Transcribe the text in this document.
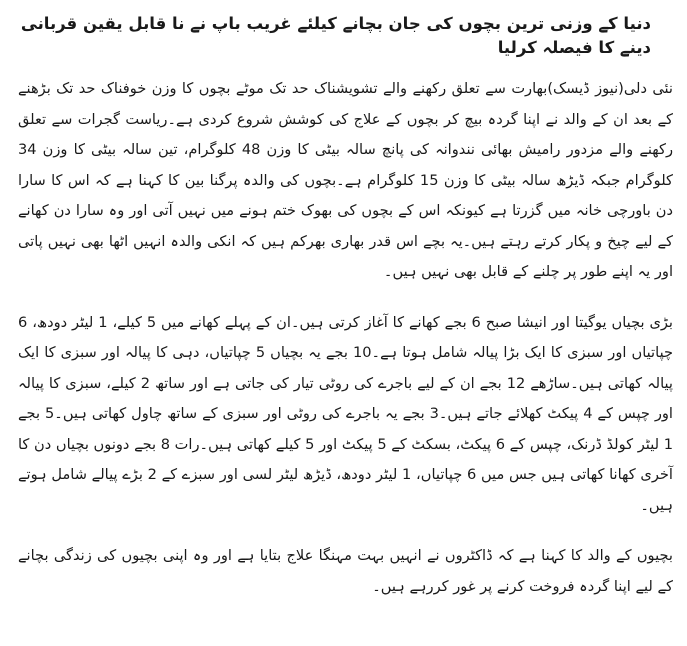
دنیا کے وزنی ترین بچوں کی جان بچانے کیلئے غریب باپ نے نا قابل یقین قربانی دینے کا فیصلہ کرلیا

نئی دلی(نیوز ڈیسک)بھارت سے تعلق رکھنے والے تشویشناک حد تک موٹے بچوں کا وزن خوفناک حد تک بڑھنے کے بعد ان کے والد نے اپنا گردہ بیچ کر بچوں کے علاج کی کوشش شروع کردی ہے۔ریاست گجرات سے تعلق رکھنے والے مزدور رامیش بھائی نندوانہ کی پانچ سالہ بیٹی کا وزن 48 کلوگرام، تین سالہ بیٹی کا وزن 34 کلوگرام جبکہ ڈیڑھ سالہ بیٹی کا وزن 15 کلوگرام ہے۔بچوں کی والدہ پرگنا بین کا کہنا ہے کہ اس کا سارا دن باورچی خانہ میں گزرتا ہے کیونکہ اس کے بچوں کی بھوک ختم ہونے میں نہیں آتی اور وہ سارا دن کھانے کے لیے چیخ و پکار کرتے رہتے ہیں۔یہ بچے اس قدر بھاری بھرکم ہیں کہ انکی والدہ انہیں اٹھا بھی نہیں پاتی اور یہ اپنے طور پر چلنے کے قابل بھی نہیں ہیں۔

بڑی بچیاں یوگیتا اور انیشا صبح 6 بجے کھانے کا آغاز کرتی ہیں۔ان کے پہلے کھانے میں 5 کیلے، 1 لیٹر دودھ، 6 چپاتیاں اور سبزی کا ایک بڑا پیالہ شامل ہوتا ہے۔10 بجے یہ بچیاں 5 چپاتیاں، دہی کا پیالہ اور سبزی کا ایک پیالہ کھاتی ہیں۔ساڑھے 12 بجے ان کے لیے باجرے کی روٹی تیار کی جاتی ہے اور ساتھ 2 کیلے، سبزی کا پیالہ اور چپس کے 4 پیکٹ کھلائے جاتے ہیں۔3 بجے یہ باجرے کی روٹی اور سبزی کے ساتھ چاول کھاتی ہیں۔5 بجے 1 لیٹر کولڈ ڈرنک، چپس کے 6 پیکٹ، بسکٹ کے 5 پیکٹ اور 5 کیلے کھاتی ہیں۔رات 8 بجے دونوں بچیاں دن کا آخری کھانا کھاتی ہیں جس میں 6 چپاتیاں، 1 لیٹر دودھ، ڈیڑھ لیٹر لسی اور سبزے کے 2 بڑے پیالے شامل ہوتے ہیں۔

بچیوں کے والد کا کہنا ہے کہ ڈاکٹروں نے انہیں بہت مہنگا علاج بتایا ہے اور وہ اپنی بچیوں کی زندگی بچانے کے لیے اپنا گردہ فروخت کرنے پر غور کررہے ہیں۔
